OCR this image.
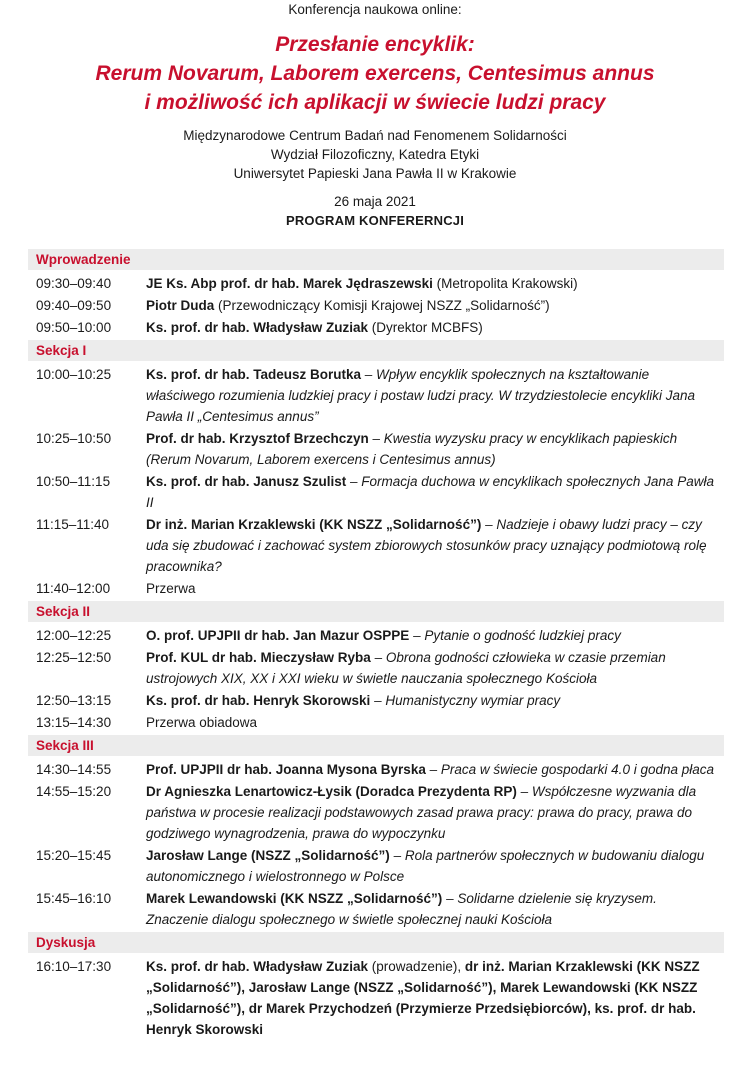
Konferencja naukowa online:
Przesłanie encyklik:
Rerum Novarum, Laborem exercens, Centesimus annus
i możliwość ich aplikacji w świecie ludzi pracy
Międzynarodowe Centrum Badań nad Fenomenem Solidarności
Wydział Filozoficzny, Katedra Etyki
Uniwersytet Papieski Jana Pawła II w Krakowie
26 maja 2021
PROGRAM KONFERERNCJI
Wprowadzenie
09:30–09:40	JE Ks. Abp prof. dr hab. Marek Jędraszewski (Metropolita Krakowski)
09:40–09:50	Piotr Duda (Przewodniczący Komisji Krajowej NSZZ „Solidarność”)
09:50–10:00	Ks. prof. dr hab. Władysław Zuziak (Dyrektor MCBFS)
Sekcja I
10:00–10:25	Ks. prof. dr hab. Tadeusz Borutka – Wpływ encyklik społecznych na kształtowanie właściwego rozumienia ludzkiej pracy i postaw ludzi pracy. W trzydziestolecie encykliki Jana Pawła II „Centesimus annus”
10:25–10:50	Prof. dr hab. Krzysztof Brzechczyn – Kwestia wyzysku pracy w encyklikach papieskich (Rerum Novarum, Laborem exercens i Centesimus annus)
10:50–11:15	Ks. prof. dr hab. Janusz Szulist – Formacja duchowa w encyklikach społecznych Jana Pawła II
11:15–11:40	Dr inż. Marian Krzaklewski (KK NSZZ „Solidarność”) – Nadzieje i obawy ludzi pracy – czy uda się zbudować i zachować system zbiorowych stosunków pracy uznający podmiotową rolę pracownika?
11:40–12:00	Przerwa
Sekcja II
12:00–12:25	O. prof. UPJPII dr hab. Jan Mazur OSPPE – Pytanie o godność ludzkiej pracy
12:25–12:50	Prof. KUL dr hab. Mieczysław Ryba – Obrona godności człowieka w czasie przemian ustrojowych XIX, XX i XXI wieku w świetle nauczania społecznego Kościoła
12:50–13:15	Ks. prof. dr hab. Henryk Skorowski – Humanistyczny wymiar pracy
13:15–14:30	Przerwa obiadowa
Sekcja III
14:30–14:55	Prof. UPJPII dr hab. Joanna Mysona Byrska – Praca w świecie gospodarki 4.0 i godna płaca
14:55–15:20	Dr Agnieszka Lenartowicz-Łysik (Doradca Prezydenta RP) – Współczesne wyzwania dla państwa w procesie realizacji podstawowych zasad prawa pracy: prawa do pracy, prawa do godziwego wynagrodzenia, prawa do wypoczynku
15:20–15:45	Jarosław Lange (NSZZ „Solidarność”) – Rola partnerów społecznych w budowaniu dialogu autonomicznego i wielostronnego w Polsce
15:45–16:10	Marek Lewandowski (KK NSZZ „Solidarność”) – Solidarne dzielenie się kryzysem. Znaczenie dialogu społecznego w świetle społecznej nauki Kościoła
Dyskusja
16:10–17:30	Ks. prof. dr hab. Władysław Zuziak (prowadzenie), dr inż. Marian Krzaklewski (KK NSZZ „Solidarność”), Jarosław Lange (NSZZ „Solidarność”), Marek Lewandowski (KK NSZZ „Solidarność”), dr Marek Przychodzeń (Przymierze Przedsiębiorców), ks. prof. dr hab. Henryk Skorowski
